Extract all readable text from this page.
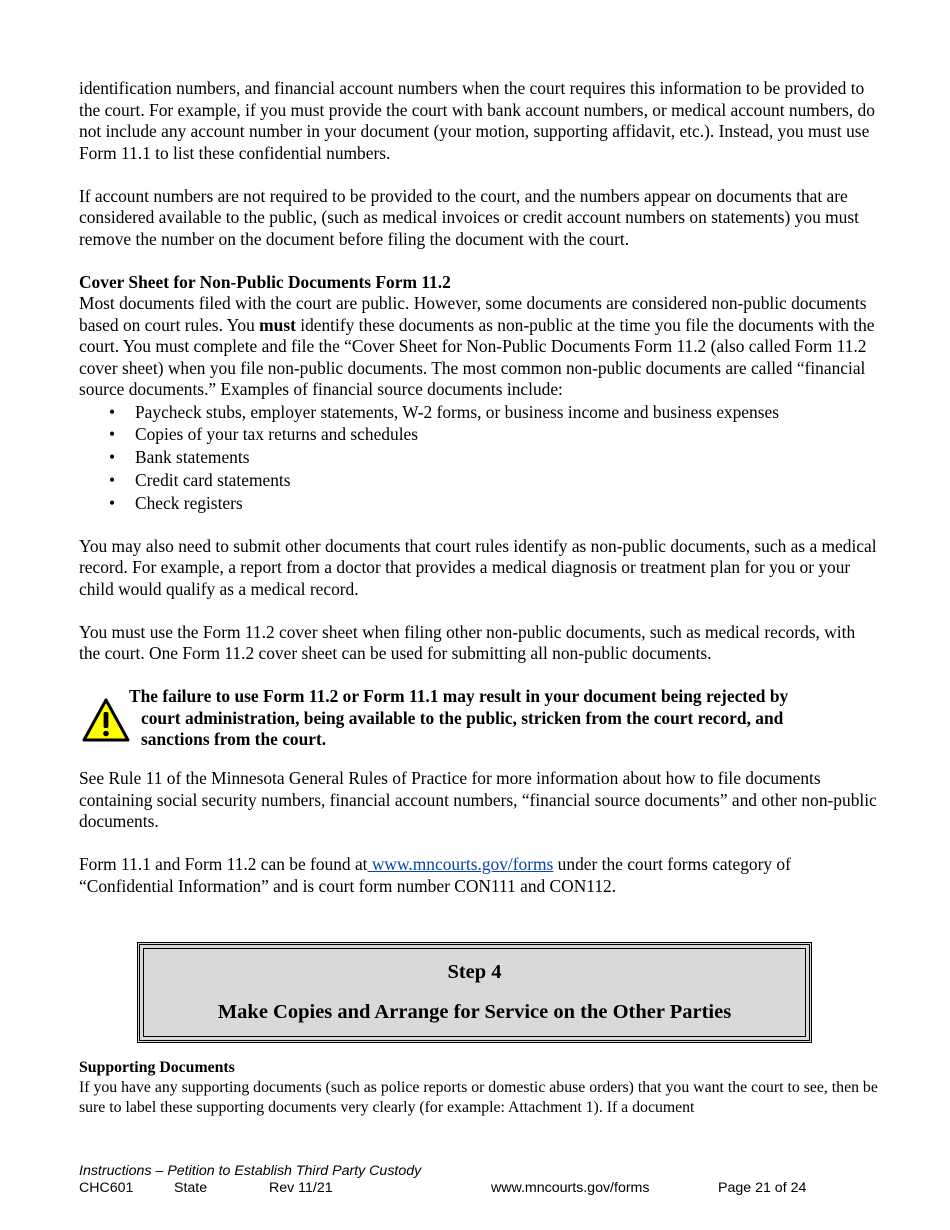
identification numbers, and financial account numbers when the court requires this information to be provided to the court. For example, if you must provide the court with bank account numbers, or medical account numbers, do not include any account number in your document (your motion, supporting affidavit, etc.). Instead, you must use Form 11.1 to list these confidential numbers.

If account numbers are not required to be provided to the court, and the numbers appear on documents that are considered available to the public, (such as medical invoices or credit account numbers on statements) you must remove the number on the document before filing the document with the court.

Cover Sheet for Non-Public Documents Form 11.2

Most documents filed with the court are public. However, some documents are considered non-public documents based on court rules. You must identify these documents as non-public at the time you file the documents with the court. You must complete and file the “Cover Sheet for Non-Public Documents Form 11.2 (also called Form 11.2 cover sheet) when you file non-public documents. The most common non-public documents are called “financial source documents.” Examples of financial source documents include:

• Paycheck stubs, employer statements, W-2 forms, or business income and business expenses
• Copies of your tax returns and schedules
• Bank statements
• Credit card statements
• Check registers

You may also need to submit other documents that court rules identify as non-public documents, such as a medical record. For example, a report from a doctor that provides a medical diagnosis or treatment plan for you or your child would qualify as a medical record.

You must use the Form 11.2 cover sheet when filing other non-public documents, such as medical records, with the court. One Form 11.2 cover sheet can be used for submitting all non-public documents.

The failure to use Form 11.2 or Form 11.1 may result in your document being rejected by
court administration, being available to the public, stricken from the court record, and
sanctions from the court.

See Rule 11 of the Minnesota General Rules of Practice for more information about how to file documents containing social security numbers, financial account numbers, “financial source documents” and other non-public documents.

Form 11.1 and Form 11.2 can be found at www.mncourts.gov/forms under the court forms category of “Confidential Information” and is court form number CON111 and CON112.

Step 4
Make Copies and Arrange for Service on the Other Parties

Supporting Documents

If you have any supporting documents (such as police reports or domestic abuse orders) that you want the court to see, then be sure to label these supporting documents very clearly (for example: Attachment 1). If a document

Instructions – Petition to Establish Third Party Custody
CHC601	State	Rev 11/21	www.mncourts.gov/forms	Page 21 of 24
